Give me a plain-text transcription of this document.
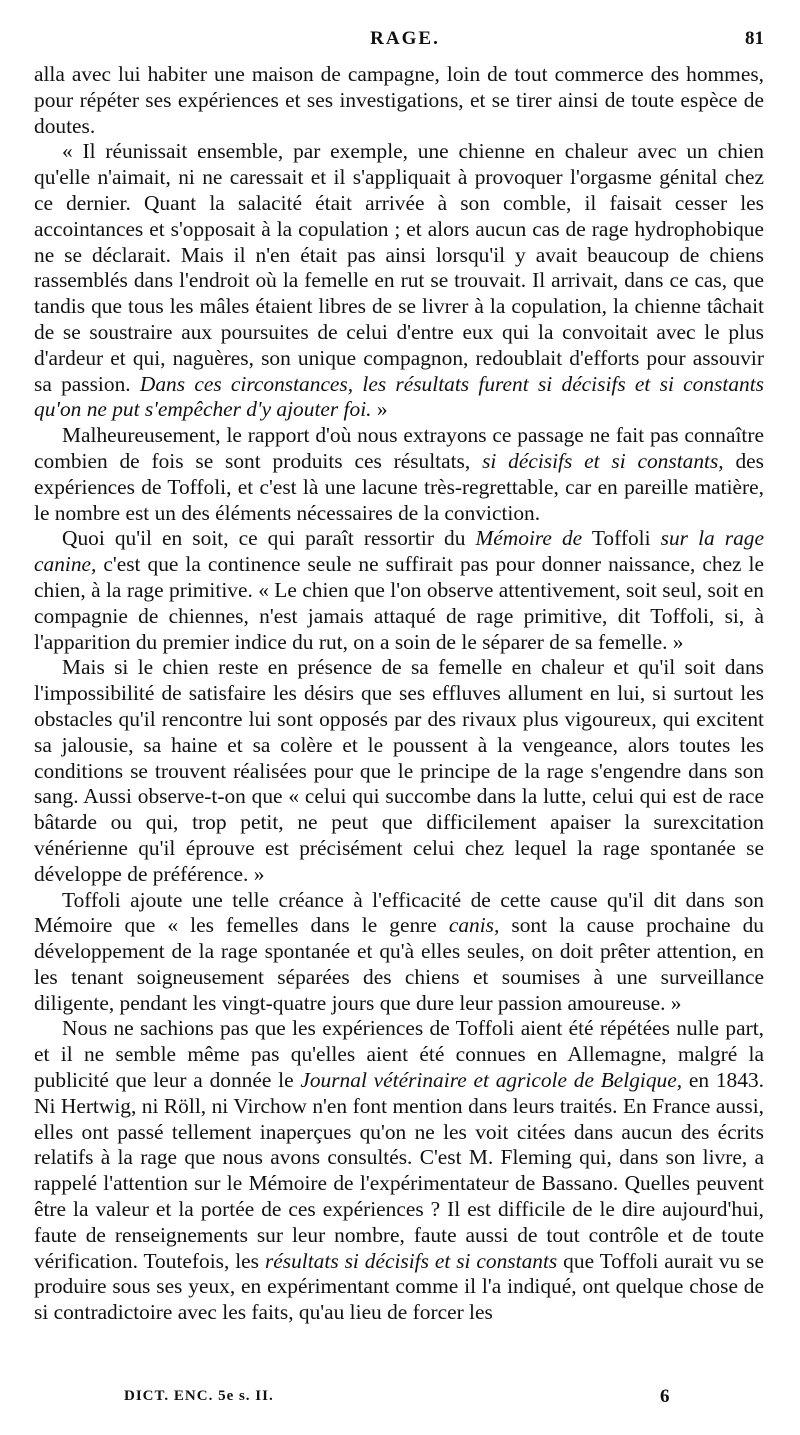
RAGE.	81

alla avec lui habiter une maison de campagne, loin de tout commerce des hommes, pour répéter ses expériences et ses investigations, et se tirer ainsi de toute espèce de doutes.

« Il réunissait ensemble, par exemple, une chienne en chaleur avec un chien qu'elle n'aimait, ni ne caressait et il s'appliquait à provoquer l'orgasme génital chez ce dernier. Quant la salacité était arrivée à son comble, il faisait cesser les accointances et s'opposait à la copulation ; et alors aucun cas de rage hydrophobique ne se déclarait. Mais il n'en était pas ainsi lorsqu'il y avait beaucoup de chiens rassemblés dans l'endroit où la femelle en rut se trouvait. Il arrivait, dans ce cas, que tandis que tous les mâles étaient libres de se livrer à la copulation, la chienne tâchait de se soustraire aux poursuites de celui d'entre eux qui la convoitait avec le plus d'ardeur et qui, naguères, son unique compagnon, redoublait d'efforts pour assouvir sa passion. Dans ces circonstances, les résultats furent si décisifs et si constants qu'on ne put s'empêcher d'y ajouter foi. »

Malheureusement, le rapport d'où nous extrayons ce passage ne fait pas connaître combien de fois se sont produits ces résultats, si décisifs et si constants, des expériences de Toffoli, et c'est là une lacune très-regrettable, car en pareille matière, le nombre est un des éléments nécessaires de la conviction.

Quoi qu'il en soit, ce qui paraît ressortir du Mémoire de Toffoli sur la rage canine, c'est que la continence seule ne suffirait pas pour donner naissance, chez le chien, à la rage primitive. « Le chien que l'on observe attentivement, soit seul, soit en compagnie de chiennes, n'est jamais attaqué de rage primitive, dit Toffoli, si, à l'apparition du premier indice du rut, on a soin de le séparer de sa femelle. »

Mais si le chien reste en présence de sa femelle en chaleur et qu'il soit dans l'impossibilité de satisfaire les désirs que ses effluves allument en lui, si surtout les obstacles qu'il rencontre lui sont opposés par des rivaux plus vigoureux, qui excitent sa jalousie, sa haine et sa colère et le poussent à la vengeance, alors toutes les conditions se trouvent réalisées pour que le principe de la rage s'engendre dans son sang. Aussi observe-t-on que « celui qui succombe dans la lutte, celui qui est de race bâtarde ou qui, trop petit, ne peut que difficilement apaiser la surexcitation vénérienne qu'il éprouve est précisément celui chez lequel la rage spontanée se développe de préférence. »

Toffoli ajoute une telle créance à l'efficacité de cette cause qu'il dit dans son Mémoire que « les femelles dans le genre canis, sont la cause prochaine du développement de la rage spontanée et qu'à elles seules, on doit prêter attention, en les tenant soigneusement séparées des chiens et soumises à une surveillance diligente, pendant les vingt-quatre jours que dure leur passion amoureuse. »

Nous ne sachions pas que les expériences de Toffoli aient été répétées nulle part, et il ne semble même pas qu'elles aient été connues en Allemagne, malgré la publicité que leur a donnée le Journal vétérinaire et agricole de Belgique, en 1843. Ni Hertwig, ni Röll, ni Virchow n'en font mention dans leurs traités. En France aussi, elles ont passé tellement inaperçues qu'on ne les voit citées dans aucun des écrits relatifs à la rage que nous avons consultés. C'est M. Fleming qui, dans son livre, a rappelé l'attention sur le Mémoire de l'expérimentateur de Bassano. Quelles peuvent être la valeur et la portée de ces expériences ? Il est difficile de le dire aujourd'hui, faute de renseignements sur leur nombre, faute aussi de tout contrôle et de toute vérification. Toutefois, les résultats si décisifs et si constants que Toffoli aurait vu se produire sous ses yeux, en expérimentant comme il l'a indiqué, ont quelque chose de si contradictoire avec les faits, qu'au lieu de forcer les

DICT. ENC. 5e s. II.	6
